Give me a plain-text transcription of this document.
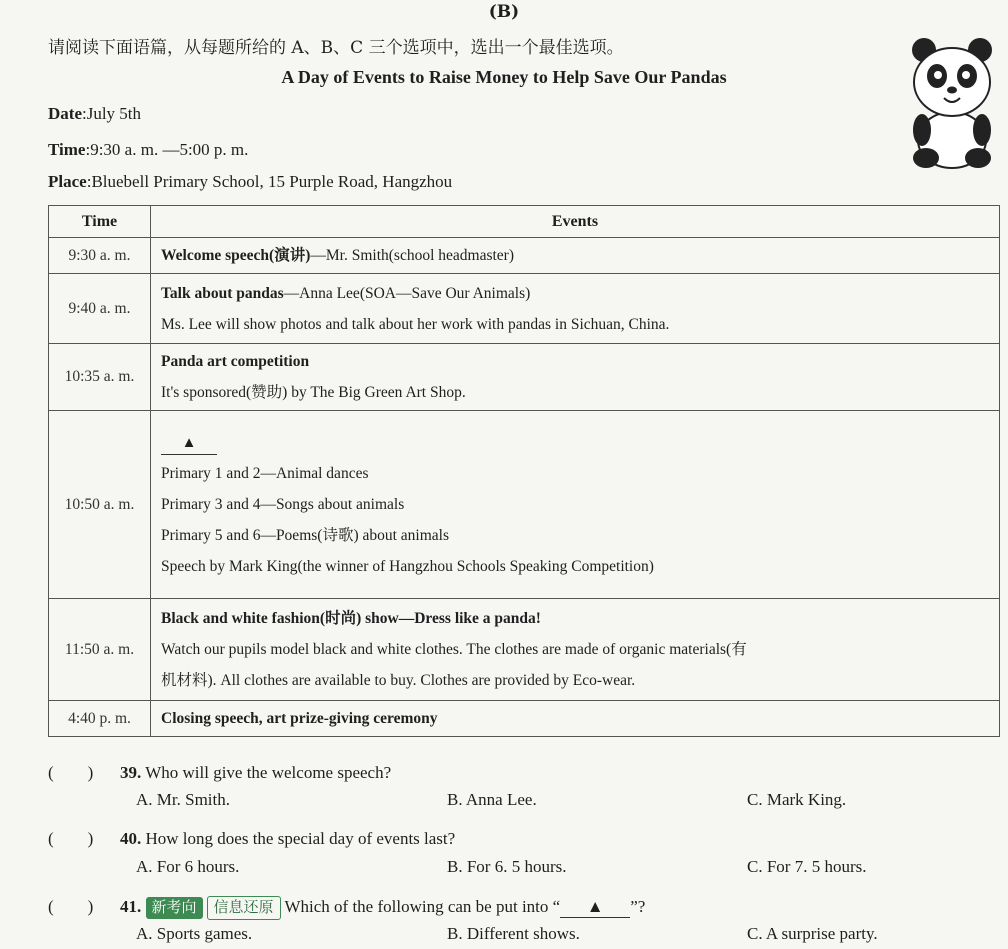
(B)
请阅读下面语篇，从每题所给的 A、B、C 三个选项中，选出一个最佳选项。
A Day of Events to Raise Money to Help Save Our Pandas
Date:July 5th
Time:9:30 a. m. —5:00 p. m.
Place:Bluebell Primary School, 15 Purple Road, Hangzhou
Time	Events
9:30 a. m.	Welcome speech(演讲)—Mr. Smith(school headmaster)
9:40 a. m.	Talk about pandas—Anna Lee(SOA—Save Our Animals)
Ms. Lee will show photos and talk about her work with pandas in Sichuan, China.

10:35 a. m.	Panda art competition
It's sponsored(赞助) by The Big Green Art Shop.

10:50 a. m.	▲
Primary 1 and 2—Animal dances
Primary 3 and 4—Songs about animals
Primary 5 and 6—Poems(诗歌) about animals
Speech by Mark King(the winner of Hangzhou Schools Speaking Competition)

11:50 a. m.	Black and white fashion(时尚) show—Dress like a panda!
Watch our pupils model black and white clothes. The clothes are made of organic materials(有
机材料). All clothes are available to buy. Clothes are provided by Eco-wear.

4:40 p. m.	Closing speech, art prize-giving ceremony
(　　) 39. Who will give the welcome speech?
A. Mr. Smith.	B. Anna Lee.	C. Mark King.
(　　) 40. How long does the special day of events last?
A. For 6 hours.	B. For 6. 5 hours.	C. For 7. 5 hours.
(　　) 41. 新考向 信息还原 Which of the following can be put into “ ▲ ”?
A. Sports games.	B. Different shows.	C. A surprise party.
